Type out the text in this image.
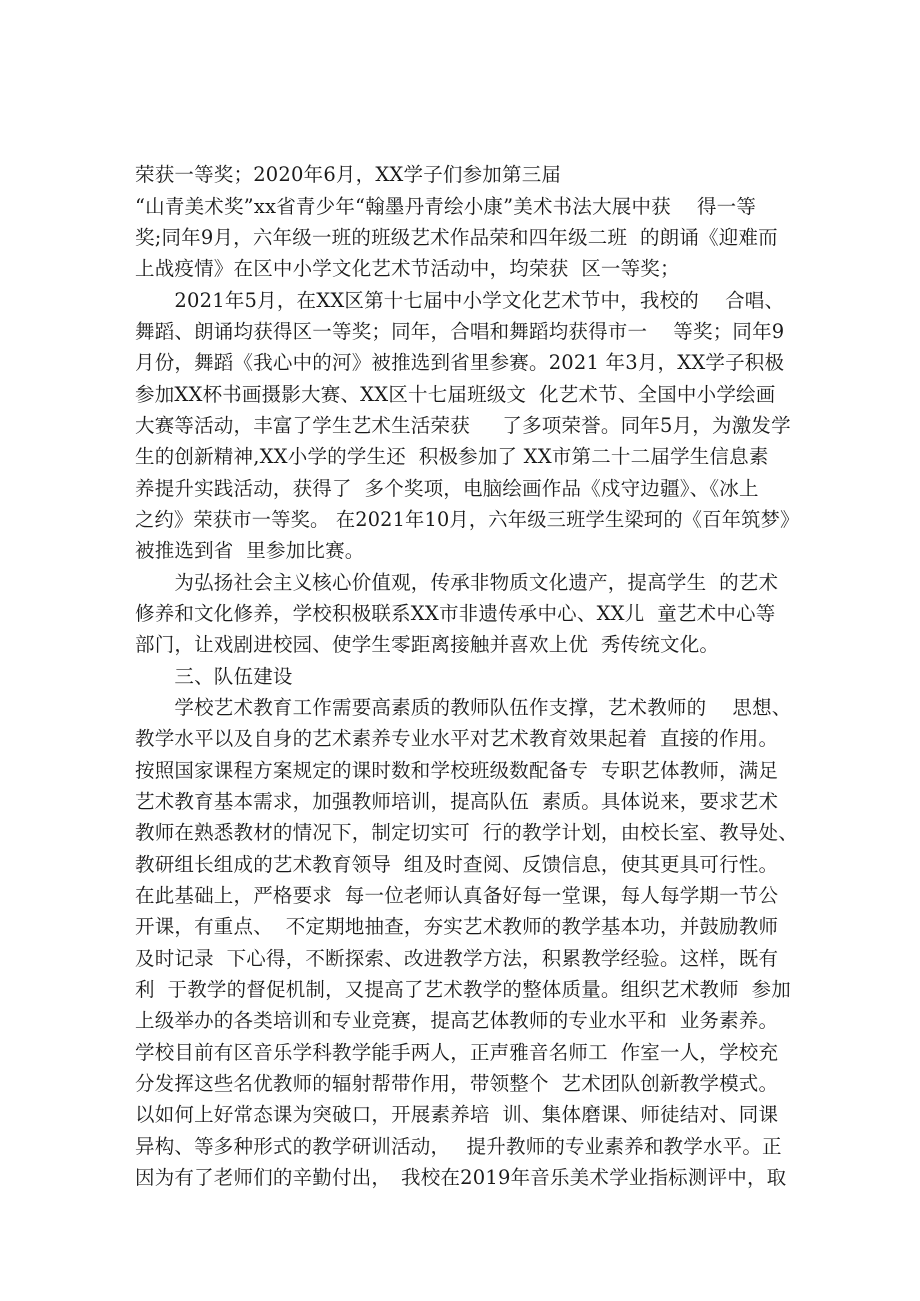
荣获一等奖；2020年6月，XX学子们参加第三届
“山青美术奖”xx省青少年“翰墨丹青绘小康”美术书法大展中获　 得一等
奖;同年9月，六年级一班的班级艺术作品荣和四年级二班  的朗诵《迎难而
上战疫情》在区中小学文化艺术节活动中，均荣获  区一等奖；
　　2021年5月，在XX区第十七届中小学文化艺术节中，我校的　 合唱、
舞蹈、朗诵均获得区一等奖；同年，合唱和舞蹈均获得市一　 等奖；同年9
月份，舞蹈《我心中的河》被推选到省里参赛。2021 年3月，XX学子积极
参加XX杯书画摄影大赛、XX区十七届班级文  化艺术节、全国中小学绘画
大赛等活动，丰富了学生艺术生活荣获　  了多项荣誉。同年5月，为激发学
生的创新精神,XX小学的学生还  积极参加了 XX市第二十二届学生信息素
养提升实践活动，获得了  多个奖项，电脑绘画作品《戍守边疆》、《冰上
之约》荣获市一等奖。 在2021年10月，六年级三班学生梁珂的《百年筑梦》
被推选到省  里参加比赛。
　　为弘扬社会主义核心价值观，传承非物质文化遗产，提高学生  的艺术
修养和文化修养，学校积极联系XX市非遗传承中心、XX儿  童艺术中心等
部门，让戏剧进校园、使学生零距离接触并喜欢上优  秀传统文化。
　　三、队伍建设
　　学校艺术教育工作需要高素质的教师队伍作支撑，艺术教师的　 思想、
教学水平以及自身的艺术素养专业水平对艺术教育效果起着  直接的作用。
按照国家课程方案规定的课时数和学校班级数配备专  专职艺体教师，满足
艺术教育基本需求，加强教师培训，提高队伍  素质。具体说来，要求艺术
教师在熟悉教材的情况下，制定切实可  行的教学计划，由校长室、教导处、
教研组长组成的艺术教育领导  组及时查阅、反馈信息，使其更具可行性。
在此基础上，严格要求  每一位老师认真备好每一堂课，每人每学期一节公
开课，有重点、  不定期地抽查，夯实艺术教师的教学基本功，并鼓励教师
及时记录  下心得，不断探索、改进教学方法，积累教学经验。这样，既有
利  于教学的督促机制，又提高了艺术教学的整体质量。组织艺术教师  参加
上级举办的各类培训和专业竞赛，提高艺体教师的专业水平和  业务素养。
学校目前有区音乐学科教学能手两人，正声雅音名师工  作室一人，学校充
分发挥这些名优教师的辐射帮带作用，带领整个  艺术团队创新教学模式。
以如何上好常态课为突破口，开展素养培  训、集体磨课、师徒结对、同课
异构、等多种形式的教学研训活动，　 提升教师的专业素养和教学水平。正
因为有了老师们的辛勤付出，　我校在2019年音乐美术学业指标测评中，取
